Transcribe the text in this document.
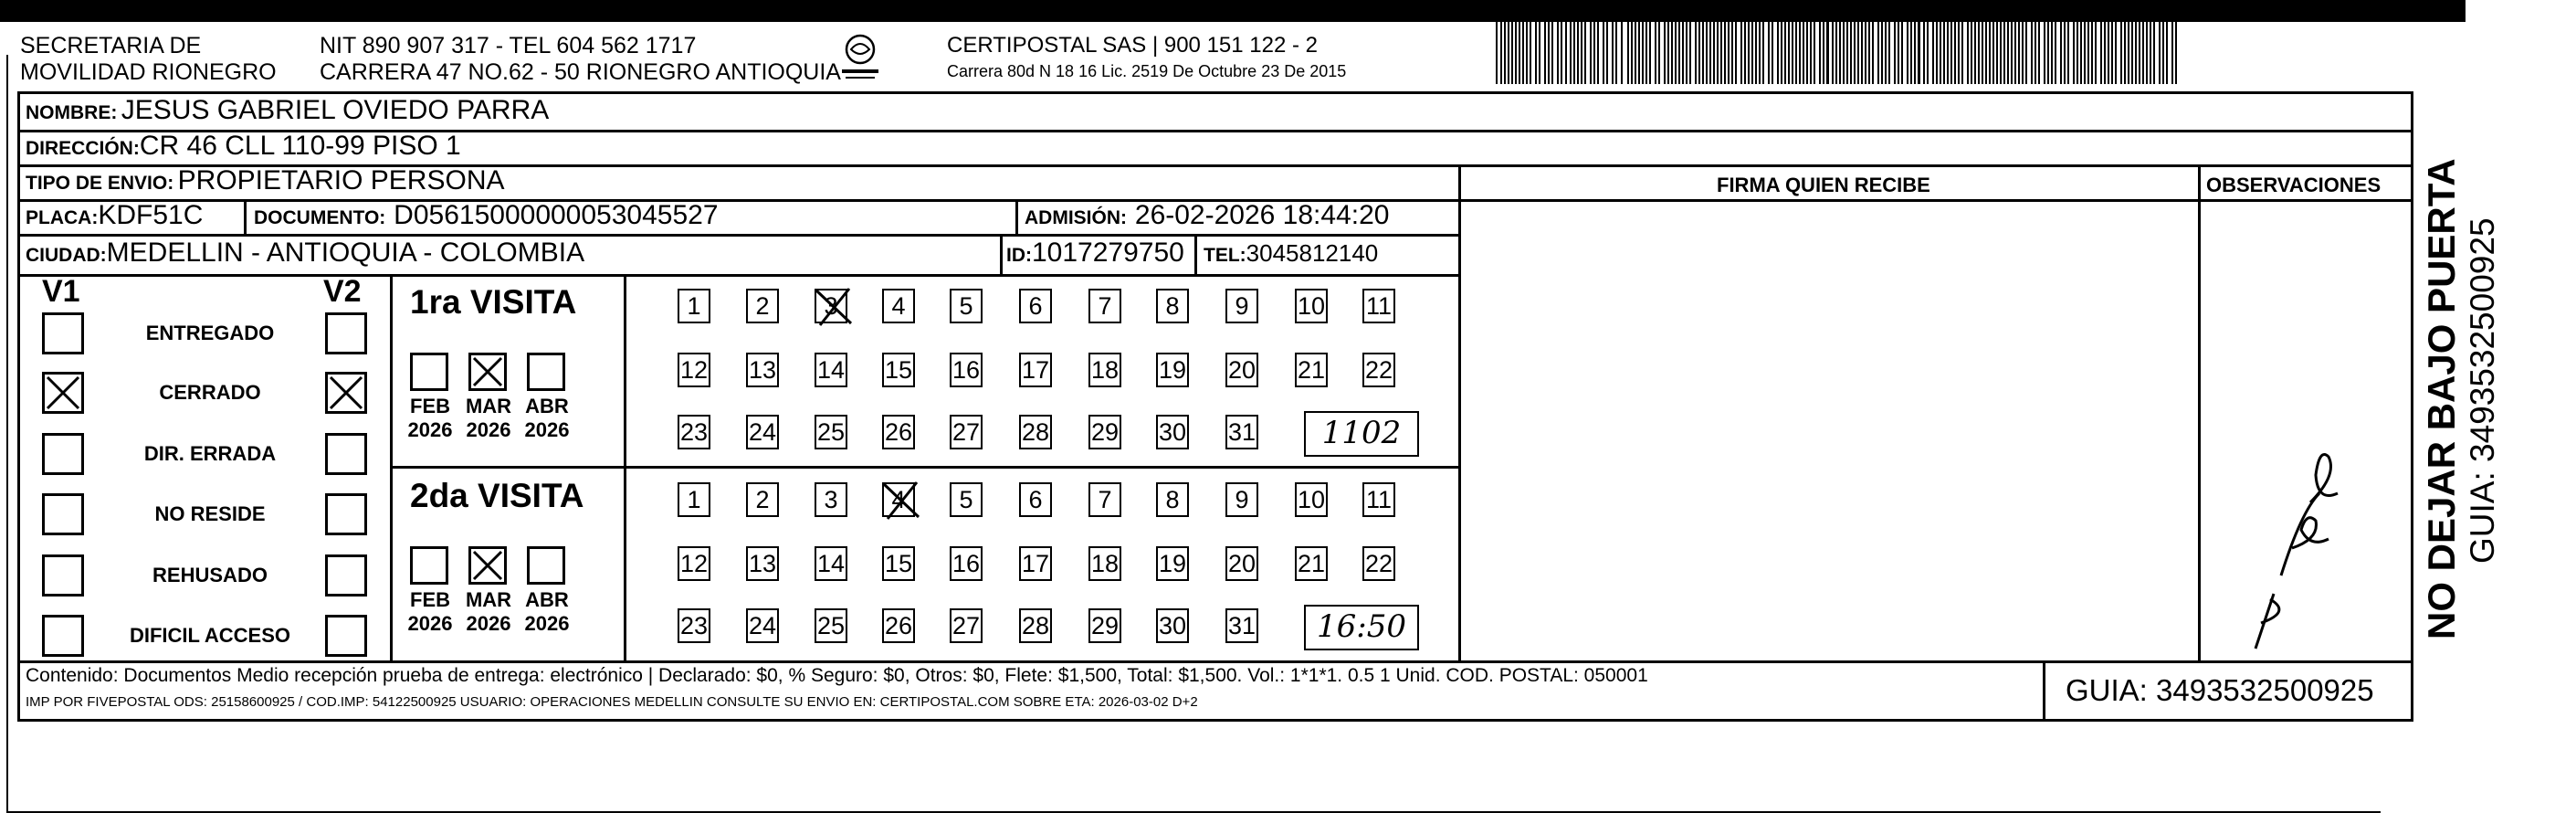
SECRETARIA DE
MOVILIDAD RIONEGRO
NIT 890 907 317 - TEL 604 562 1717
CARRERA 47 NO.62 - 50 RIONEGRO ANTIOQUIA
CERTIPOSTAL SAS | 900 151 122 - 2
Carrera 80d N 18 16 Lic. 2519 De Octubre 23 De 2015
NOMBRE: JESUS GABRIEL OVIEDO PARRA
DIRECCIÓN:CR 46 CLL 110-99 PISO 1
TIPO DE ENVIO: PROPIETARIO PERSONA
PLACA:KDF51C	DOCUMENTO: D05615000000053045527	ADMISIÓN: 26-02-2026 18:44:20
CIUDAD:MEDELLIN - ANTIOQUIA - COLOMBIA	ID:1017279750 TEL:3045812140
FIRMA QUIEN RECIBE	OBSERVACIONES
V1	V2
ENTREGADO
CERRADO
DIR. ERRADA
NO RESIDE
REHUSADO
DIFICIL ACCESO
1ra VISITA
FEB
2026
MAR
2026
ABR
2026
1	2	3	4	5	6	7	8	9	10 11
12 13 14 15 16 17 18 19 20 21 22
23 24 25 26 27 28 29 30 31	1102
2da VISITA
FEB
2026
MAR
2026
ABR
2026
1	2	3	4	5	6	7	8	9	10 11
12 13 14 15 16 17 18 19 20 21 22
23 24 25 26 27 28 29 30 31	16:50
Contenido: Documentos Medio recepción prueba de entrega: electrónico | Declarado: $0, % Seguro: $0, Otros: $0, Flete: $1,500, Total: $1,500. Vol.: 1*1*1. 0.5 1 Unid. COD. POSTAL: 050001
IMP POR FIVEPOSTAL ODS: 25158600925 / COD.IMP: 54122500925 USUARIO: OPERACIONES MEDELLIN CONSULTE SU ENVIO EN: CERTIPOSTAL.COM SOBRE ETA: 2026-03-02 D+2	GUIA: 3493532500925
NO DEJAR BAJO PUERTA GUIA: 3493532500925
